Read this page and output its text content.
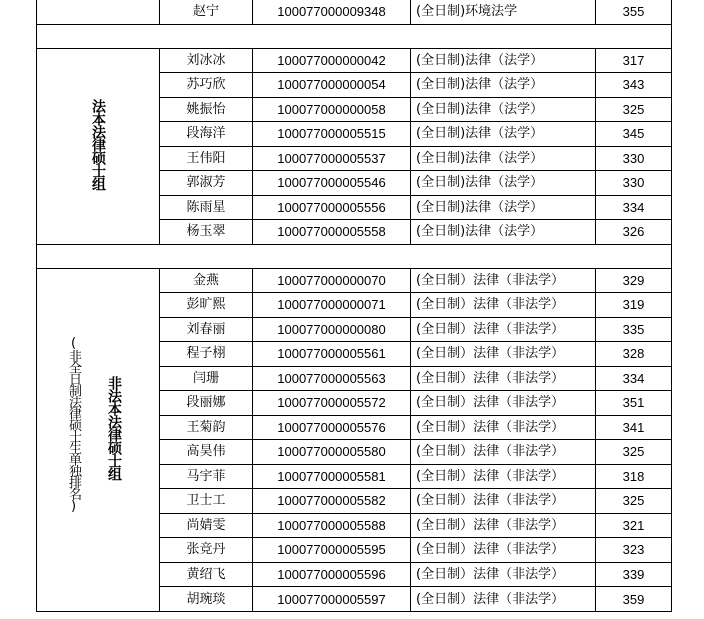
	赵宁	100077000009348	(全日制)环境法学	355

法本法律硕士组	刘冰冰	100077000000042	(全日制)法律（法学）	317
	苏巧欣	100077000000054	(全日制)法律（法学）	343
	姚振怡	100077000000058	(全日制)法律（法学）	325
	段海洋	100077000005515	(全日制)法律（法学）	345
	王伟阳	100077000005537	(全日制)法律（法学）	330
	郭淑芳	100077000005546	(全日制)法律（法学）	330
	陈雨星	100077000005556	(全日制)法律（法学）	334
	杨玉翠	100077000005558	(全日制)法律（法学）	326

(非全日制法律硕士生单独排名) 非法本法律硕士组	金燕	100077000000070	(全日制）法律（非法学）	329
	彭旷熙	100077000000071	(全日制）法律（非法学）	319
	刘春丽	100077000000080	(全日制）法律（非法学）	335
	程子栩	100077000005561	(全日制）法律（非法学）	328
	闫珊	100077000005563	(全日制）法律（非法学）	334
	段丽娜	100077000005572	(全日制）法律（非法学）	351
	王菊韵	100077000005576	(全日制）法律（非法学）	341
	高昊伟	100077000005580	(全日制）法律（非法学）	325
	马宇菲	100077000005581	(全日制）法律（非法学）	318
	卫士工	100077000005582	(全日制）法律（非法学）	325
	尚婧雯	100077000005588	(全日制）法律（非法学）	321
	张竞丹	100077000005595	(全日制）法律（非法学）	323
	黄绍飞	100077000005596	(全日制）法律（非法学）	339
	胡琬琰	100077000005597	(全日制）法律（非法学）	359
